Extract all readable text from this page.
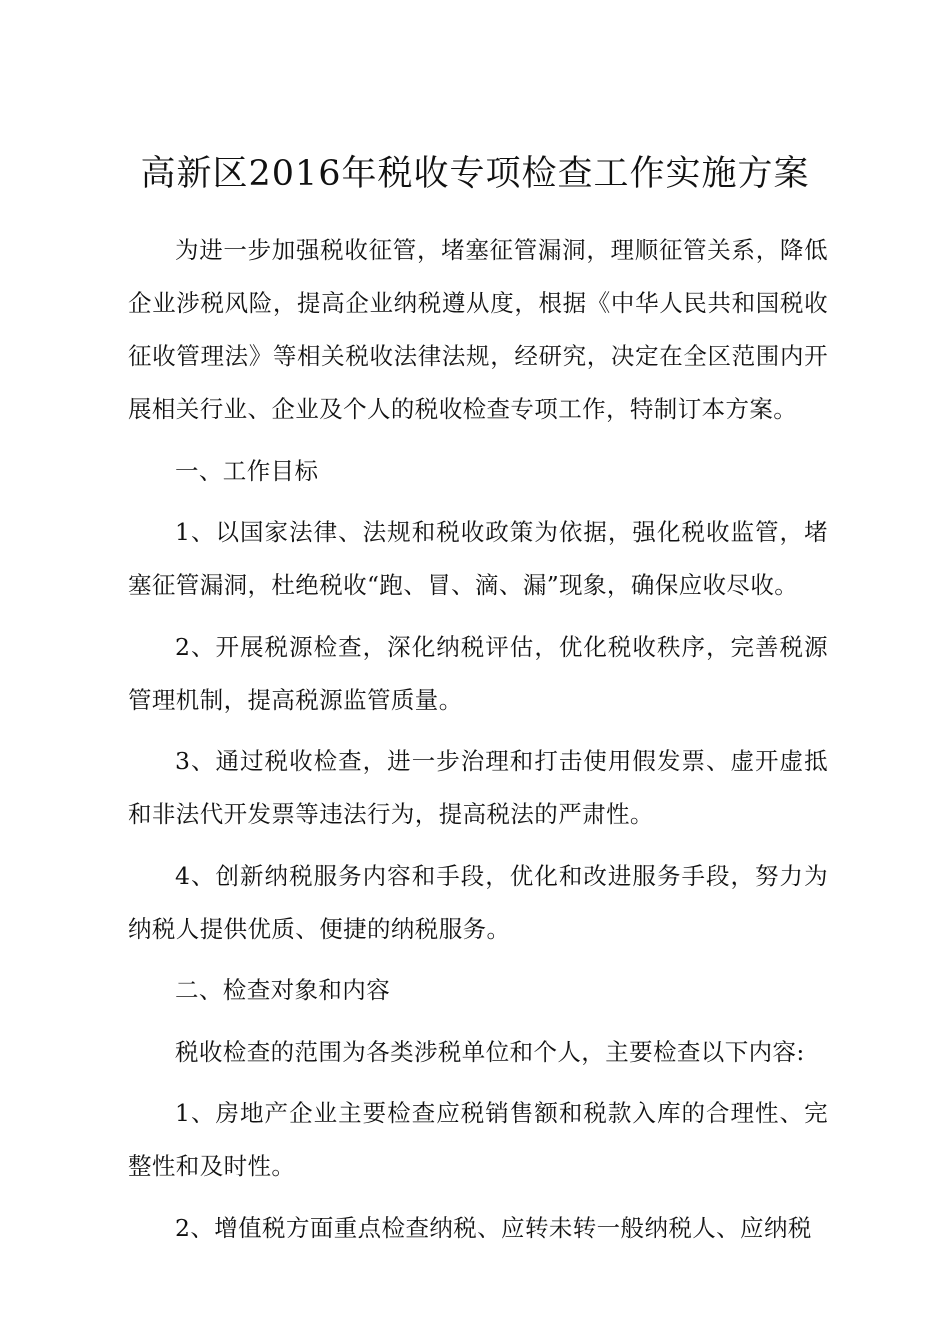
高新区2016年税收专项检查工作实施方案

为进一步加强税收征管，堵塞征管漏洞，理顺征管关系，降低企业涉税风险，提高企业纳税遵从度，根据《中华人民共和国税收征收管理法》等相关税收法律法规，经研究，决定在全区范围内开展相关行业、企业及个人的税收检查专项工作，特制订本方案。

一、工作目标

1、以国家法律、法规和税收政策为依据，强化税收监管，堵塞征管漏洞，杜绝税收“跑、冒、滴、漏”现象，确保应收尽收。

2、开展税源检查，深化纳税评估，优化税收秩序，完善税源管理机制，提高税源监管质量。

3、通过税收检查，进一步治理和打击使用假发票、虚开虚抵和非法代开发票等违法行为，提高税法的严肃性。

4、创新纳税服务内容和手段，优化和改进服务手段，努力为纳税人提供优质、便捷的纳税服务。

二、检查对象和内容

税收检查的范围为各类涉税单位和个人，主要检查以下内容:

1、房地产企业主要检查应税销售额和税款入库的合理性、完整性和及时性。

2、增值税方面重点检查纳税、应转未转一般纳税人、应纳税
